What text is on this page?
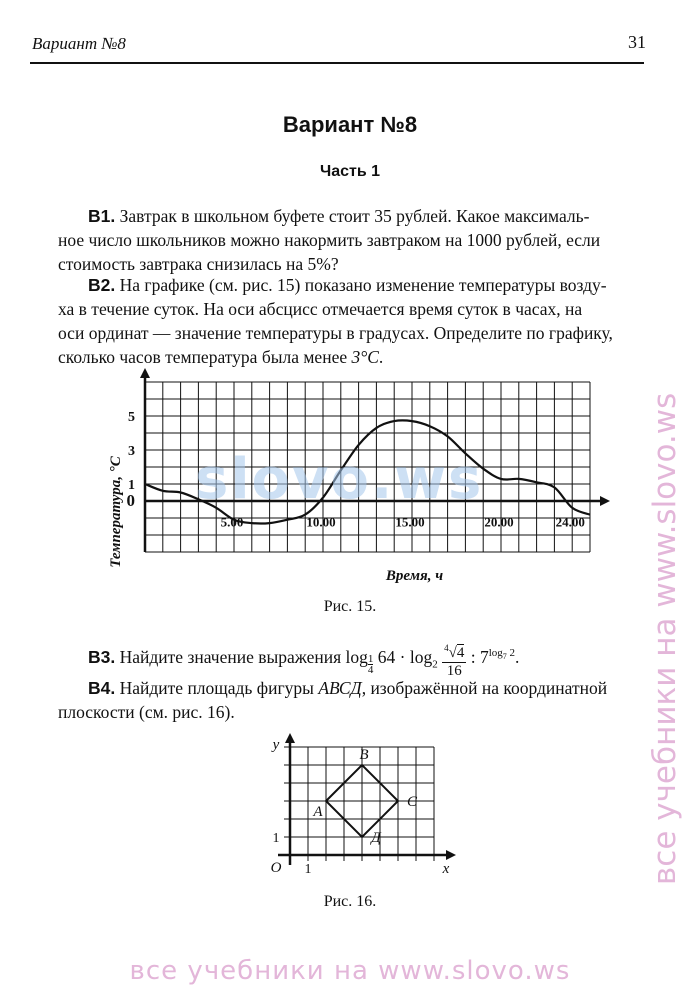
Вариант №8	31
Вариант №8
Часть 1
В1. Завтрак в школьном буфете стоит 35 рублей. Какое максималь-
ное число школьников можно накормить завтраком на 1000 рублей, если
стоимость завтрака снизилась на 5%?
В2. На графике (см. рис. 15) показано изменение температуры возду-
ха в течение суток. На оси абсцисс отмечается время суток в часах, на
оси ординат — значение температуры в градусах. Определите по графику,
сколько часов температура была менее 3°C.
0
1
3
5
5.00	10.00	15.00	20.00	24.00
Температура, °C
Время, ч
slovo.ws
Рис. 15.
В3. Найдите значение выражения $\log \frac{1}{4} 64 \cdot \log_2 \frac{^4√4}{16}$ : $7^{log_7 2}$.
В4. Найдите площадь фигуры АВСД, изображённой на координатной
плоскости (см. рис. 16).
y
x
O 1
1
A
B
C
Д
Рис. 16.
все учебники на www.slovo.ws
все учебники на www.slovo.ws
